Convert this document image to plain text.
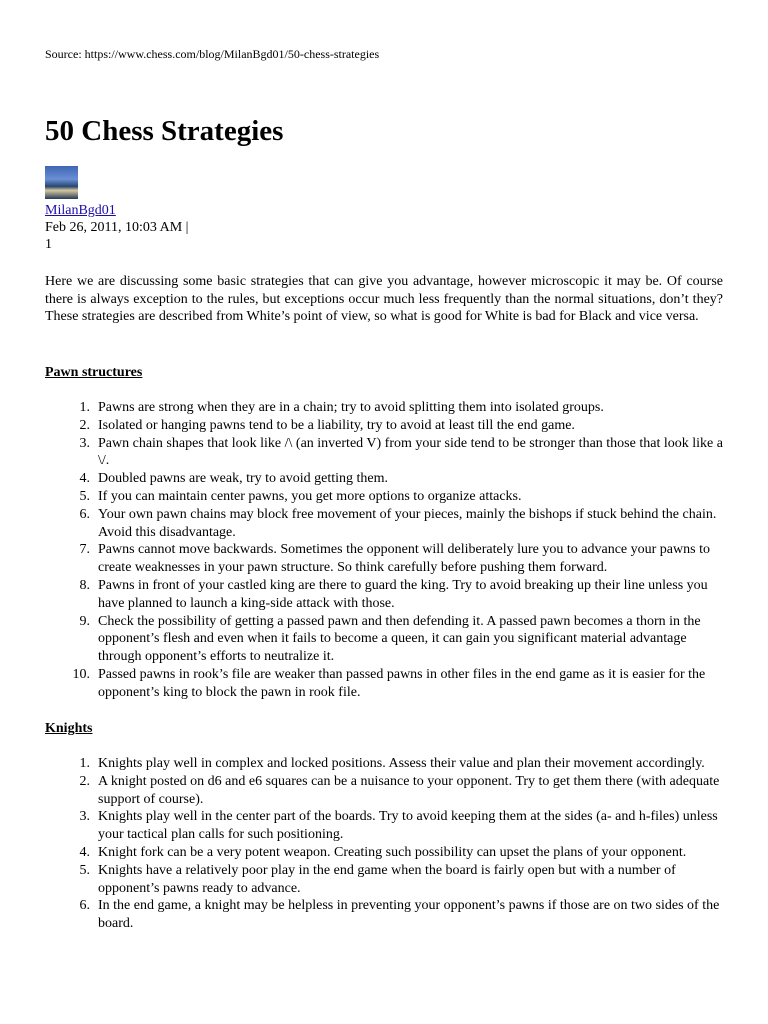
Source: https://www.chess.com/blog/MilanBgd01/50-chess-strategies
50 Chess Strategies
MilanBgd01
Feb 26, 2011, 10:03 AM |
1

Here we are discussing some basic strategies that can give you advantage, however microscopic it may be. Of course there is always exception to the rules, but exceptions occur much less frequently than the normal situations, don’t they? These strategies are described from White’s point of view, so what is good for White is bad for Black and vice versa.

Pawn structures
1. Pawns are strong when they are in a chain; try to avoid splitting them into isolated groups.
2. Isolated or hanging pawns tend to be a liability, try to avoid at least till the end game.
3. Pawn chain shapes that look like /\ (an inverted V) from your side tend to be stronger than those that look like a \/.
4. Doubled pawns are weak, try to avoid getting them.
5. If you can maintain center pawns, you get more options to organize attacks.
6. Your own pawn chains may block free movement of your pieces, mainly the bishops if stuck behind the chain. Avoid this disadvantage.
7. Pawns cannot move backwards. Sometimes the opponent will deliberately lure you to advance your pawns to create weaknesses in your pawn structure. So think carefully before pushing them forward.
8. Pawns in front of your castled king are there to guard the king. Try to avoid breaking up their line unless you have planned to launch a king-side attack with those.
9. Check the possibility of getting a passed pawn and then defending it. A passed pawn becomes a thorn in the opponent’s flesh and even when it fails to become a queen, it can gain you significant material advantage through opponent’s efforts to neutralize it.
10. Passed pawns in rook’s file are weaker than passed pawns in other files in the end game as it is easier for the opponent’s king to block the pawn in rook file.
Knights
1. Knights play well in complex and locked positions. Assess their value and plan their movement accordingly.
2. A knight posted on d6 and e6 squares can be a nuisance to your opponent. Try to get them there (with adequate support of course).
3. Knights play well in the center part of the boards. Try to avoid keeping them at the sides (a- and h-files) unless your tactical plan calls for such positioning.
4. Knight fork can be a very potent weapon. Creating such possibility can upset the plans of your opponent.
5. Knights have a relatively poor play in the end game when the board is fairly open but with a number of opponent’s pawns ready to advance.
6. In the end game, a knight may be helpless in preventing your opponent’s pawns if those are on two sides of the board.
